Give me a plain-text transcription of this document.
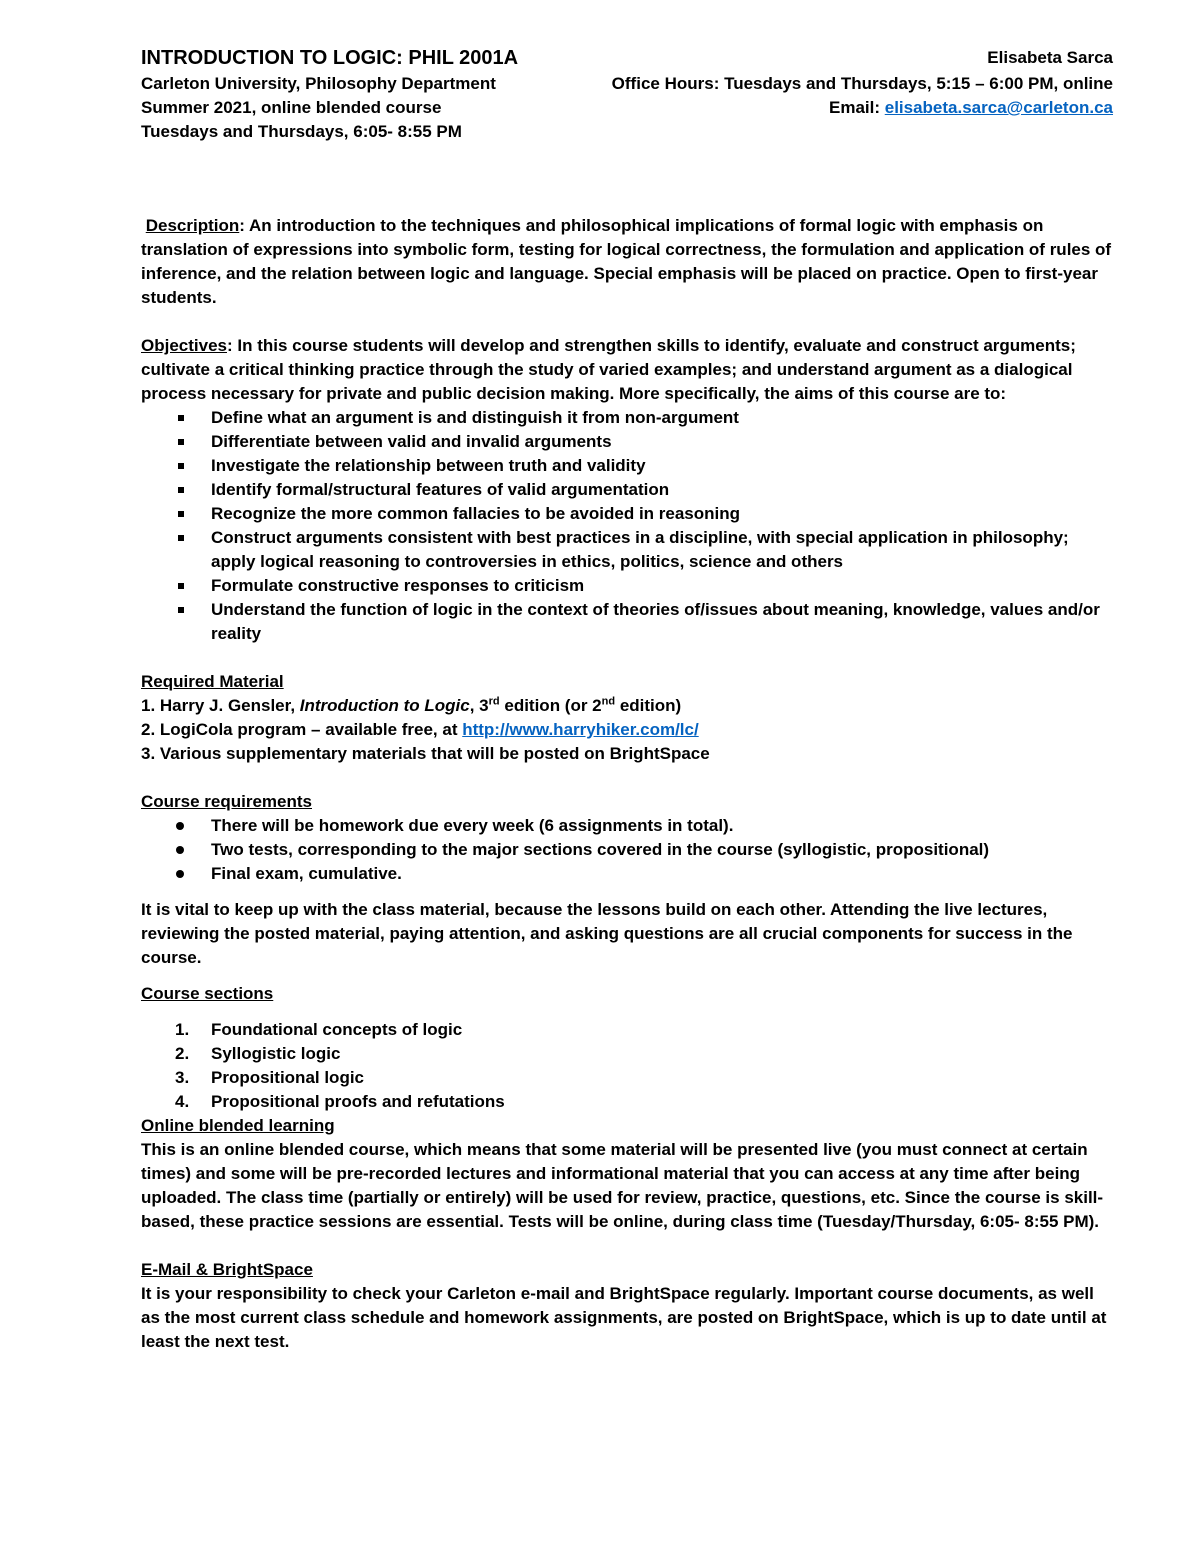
INTRODUCTION TO LOGIC: PHIL 2001A
Carleton University, Philosophy Department
Summer 2021, online blended course
Tuesdays and Thursdays, 6:05- 8:55 PM
Elisabeta Sarca
Office Hours: Tuesdays and Thursdays, 5:15 – 6:00 PM, online
Email: elisabeta.sarca@carleton.ca

Description: An introduction to the techniques and philosophical implications of formal logic with emphasis on translation of expressions into symbolic form, testing for logical correctness, the formulation and application of rules of inference, and the relation between logic and language. Special emphasis will be placed on practice. Open to first-year students.

Objectives: In this course students will develop and strengthen skills to identify, evaluate and construct arguments; cultivate a critical thinking practice through the study of varied examples; and understand argument as a dialogical process necessary for private and public decision making. More specifically, the aims of this course are to:

Define what an argument is and distinguish it from non-argument
Differentiate between valid and invalid arguments
Investigate the relationship between truth and validity
Identify formal/structural features of valid argumentation
Recognize the more common fallacies to be avoided in reasoning
Construct arguments consistent with best practices in a discipline, with special application in philosophy; apply logical reasoning to controversies in ethics, politics, science and others
Formulate constructive responses to criticism
Understand the function of logic in the context of theories of/issues about meaning, knowledge, values and/or reality

Required Material

1. Harry J. Gensler, Introduction to Logic, 3rd edition (or 2nd edition)

2. LogiCola program – available free, at http://www.harryhiker.com/lc/

3. Various supplementary materials that will be posted on BrightSpace

Course requirements

There will be homework due every week (6 assignments in total).
Two tests, corresponding to the major sections covered in the course (syllogistic, propositional)
Final exam, cumulative.

It is vital to keep up with the class material, because the lessons build on each other. Attending the live lectures, reviewing the posted material, paying attention, and asking questions are all crucial components for success in the course.

Course sections

1. Foundational concepts of logic
2. Syllogistic logic
3. Propositional logic
4. Propositional proofs and refutations

Online blended learning

This is an online blended course, which means that some material will be presented live (you must connect at certain times) and some will be pre-recorded lectures and informational material that you can access at any time after being uploaded. The class time (partially or entirely) will be used for review, practice, questions, etc. Since the course is skill-based, these practice sessions are essential. Tests will be online, during class time (Tuesday/Thursday, 6:05- 8:55 PM).

E-Mail & BrightSpace

It is your responsibility to check your Carleton e-mail and BrightSpace regularly. Important course documents, as well as the most current class schedule and homework assignments, are posted on BrightSpace, which is up to date until at least the next test.
